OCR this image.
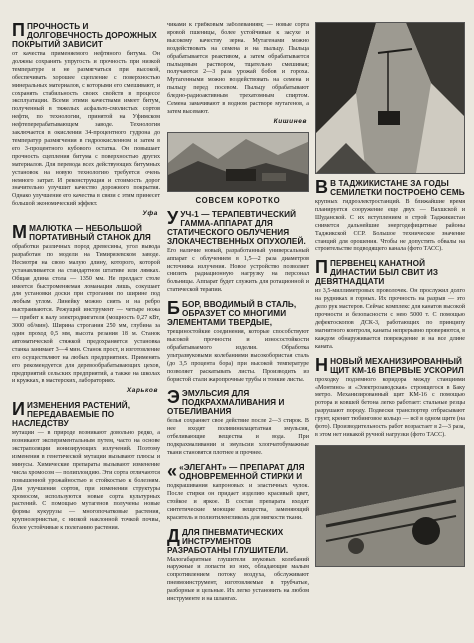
П ПРОЧНОСТЬ И ДОЛГОВЕЧНОСТЬ ДОРОЖНЫХ ПОКРЫТИЙ ЗАВИСИТ

от качества применяемого нефтяного битума. Он должны сохранять упругость и прочность при низкой температуре и не размягчаться при высокой, обеспечивать хорошее сцепление с поверхностью минеральных материалов, с которыми его смешивают, и сохранять стабильность своих свойств в процессе эксплуатации. Всеми этими качествами имеет битум, полученный в тяжелых асфальто-смолистых сортов нефти, по технологии, принятой на Уфимском нефтеперерабатывающем заводе. Технология заключается в окислении 34-процентного гудрона до температур размягчения в гидроокисленном и затем в его 3-процентного кубового остатка. Он повышает прочность сцепления битума с поверхностью других материалов. Для перевода всех действующих битумных установок на новую технологию требуется очень немного затрат. И реконструкция и стоимость дорог значительно улучшит качество дорожного покрытия. Однако улучшение его качества в связи с этим принесет большой экономический эффект.

Уфа

М МАЛЮТКА — НЕБОЛЬШОЙ ПОРТАТИВНЫЙ СТАНОК ДЛЯ

обработки различных пород древесины, угол вывода разработан по модели на Тимирязевском заводе. Несмотря на свою малую длину, которого, которой устанавливается на стандартном штативе или лямках. Общая длина стола — 1350 мм. Не прелдаст столе имеется быстроменяемая ломанация лишь, сокушает для установки доски при строгании по ширине под любым углом. Линейку можно сиять и на ребро выстраиваются. Режущий инструмент — четыре ножа — прибит к валу электродвигателя (мощность 0,27 кВт, 3000 об/мин). Ширина строгания 250 мм, глубина за один проход 0,5 мм, высота резания 18 м. Станок автоматической стяжкой предохраняется установка станка занимает 3—4 мин. Станок прост, и изготовление его осуществляют на любых предприятиях. Применять его рекомендуется для деревообрабатывающих цехов, предприятий сельских предприятий, а также на школах и кружках, в мастерских, лабораториях.

Харьков

И ИЗМЕНЕНИЯ РАСТЕНИЙ, ПЕРЕДАВАЕМЫЕ ПО НАСЛЕДСТВУ

мутации — в природе возникают довольно редко, а возникают экспериментальным путем, часто на основе экстраполяции ионизирующих излучений. Поэтому изменения в генетической мутации вызывают плюсы и минусы. Химические препараты вызывают изменение числа хромосом — полиплоидию. Эти сорта отличаются повышенной урожайностью и стойкостью к болезням. Для улучшения сортов, при изменении структуры хромосом, используются новые сорта культурных растений. С помощью мутагенов получены новые формы кукурузы — многопочатковые растения, крупнозернистые, с низкой наклонной точкой почвы, более устойчивые к полеганию растения.

чиками к грибковым заболеваниям; — новые сорта яровой пшеницы, более устойчивые к засухе и высокому качеству зерна. Мутагенами можно воздействовать на семена и на пыльцу. Пыльца обрабатывается реактивом, а затем обрабатывается пыльцевым раствором, тщательно смешивая; получаются 2—3 раза урожай бобов и гороха. Мутагенными можно воздействовать на семена и пыльцу перед посевом. Пыльцу обрабатывают бледно-радиоактивным трехатомным спиртом. Семена замачивают в водном растворе мутагенов, а затем высевают.

Кишинев

СОВСЕМ КОРОТКО

УУЧ-1 — ТЕРАПЕВТИЧЕСКИЙ ГАММА-АППАРАТ ДЛЯ СТАТИЧЕСКОГО ОБЛУЧЕНИЯ ЗЛОКАЧЕСТВЕННЫХ ОПУХОЛЕЙ.

Его наличие новый, разработанный универсальный аппарат с облучением в 1,5—2 раза диаметров источника излучения. Новое устройство позволяет снизить радиационную нагрузку на персонал больницы. Аппарат будет служить для ротационной и статической терапии.

Б БОР, ВВОДИМЫЙ В СТАЛЬ, ОБРАЗУЕТ СО МНОГИМИ ЭЛЕМЕНТАМИ ТВЕРДЫЕ,

трещиностойкие соединения, которые способствуют высокой прочности и износостойкости обрабатываемого изделия. Обработка ультразвуковыми колебаниями высокобористая сталь (до 3,5 процента бора) при высокой температуре позволяет раскатывать листы. Производить из бористой стали жаропрочные трубы и тонкие листы.

Э ЭМУЛЬСИЯ ДЛЯ ПОДКРАХМАЛИВАНИЯ И ОТБЕЛИВАНИЯ

белья сохраняет свое действие после 2—3 стирок. В нее входят поливинилацетатная эмульсия, отбеливающие вещества и вода. При подкрахмаливании и эмульсии хлопчатобумажные ткани становятся плотнее и прочнее.

« «ЭЛЕГАНТ» — ПРЕПАРАТ ДЛЯ ОДНОВРЕМЕННОЙ СТИРКИ И

подкрашивания капроновых и эластичных чулок. После стирки он придает изделию красивый цвет, стойкое и яркое. В состав препарата входят синтетические моющие вещества, заменяющий краситель и полиэтиленгликоль для мягкости ткани.

Д ДЛЯ ПНЕВМАТИЧЕСКИХ ИНСТРУМЕНТОВ РАЗРАБОТАНЫ ГЛУШИТЕЛИ.

Малогабаритные глушители звуковых колебаний наружные и лопасти из них, обладающие малым сопротивлением потоку воздуха, обслуживают пневмоинструмент, изготовляемые в трубчатые, разборные и цельные. Их легко установить на любом инструменте и на шлангах.

В В ТАДЖИКИСТАНЕ ЗА ГОДЫ СЕМИЛЕТКИ ПОСТРОЕНО СЕМЬ

крупных гидроэлектростанций. В ближайшие время планируется сооружение еще двух — Вахшской и Шуданской. С их вступлением в строй Таджикистан снимется дальнейшие энергодефицитные районы Таджикской ССР. Большое техническое значение станций для орошения. Чтобы не допустить обвалы на строительстве подводящего канала (фото ТАСС).

П ПЕРВЕНЕЦ КАНАТНОЙ ДИНАСТИИ БЫЛ СВИТ ИЗ ДЕВЯТНАДЦАТИ

из 3,5-миллиметровых проволочек. Он прослужил долго на рудниках в горных. Их прочность на разрыв — это дело рук мастеров. Сейчас комплекс для канатов высокой прочности и безопасности с нею 5000 т. С помощью дефектоскопов ДСК-3, работающих по принципу магнитного контроля, канаты непрерывно проверяются, в каждом обнаруживается повреждение и на все длине каната.

Н НОВЫЙ МЕХАНИЗИРОВАННЫЙ ЩИТ КМ-16 ВПЕРВЫЕ УСКОРИЛ

проходку подземного коридора между станциями «Монтино» и «Электрозаводская» строящегося в Баку метро. Механизированный щит КМ-16 с помощью ротора и ковшей бетона легко работает: стальные резцы разрушают породу. Подвески транспортер отбрасывают грунт, кренят тюбинговое кольцо — всё в одном щите (на фото). Производительность работ возрастает в 2—3 раза, в этом нет никакой ручной нагрузки (фото ТАСС).
